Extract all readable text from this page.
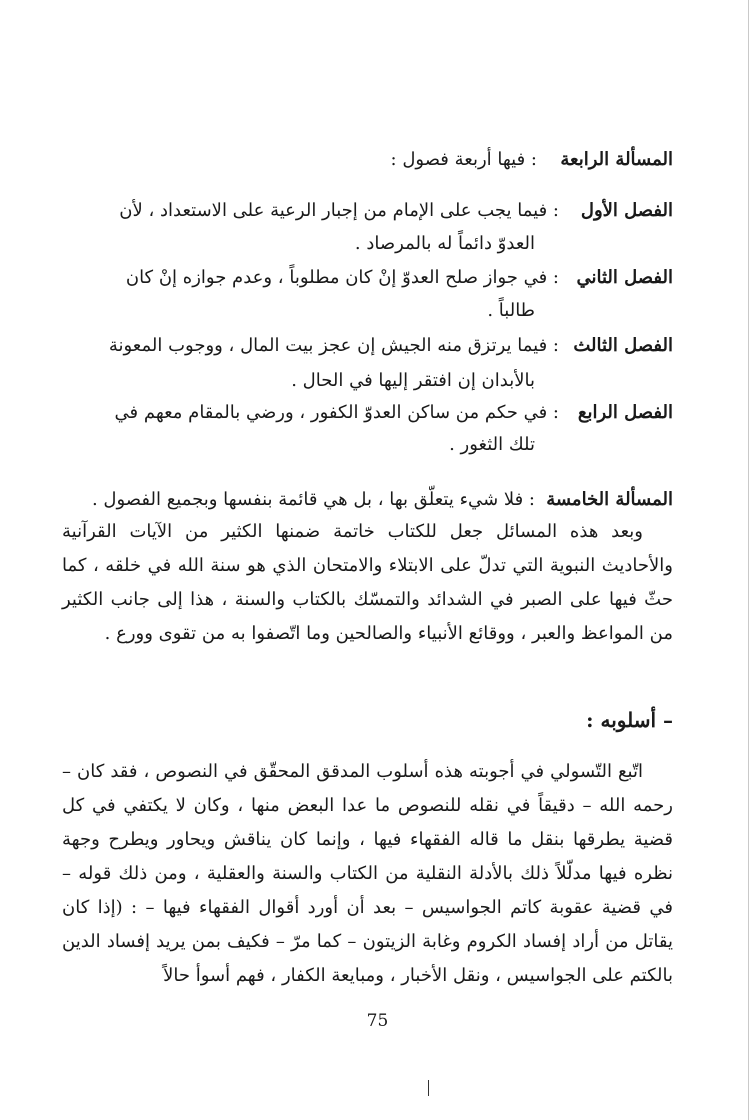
المسألة الرابعة
: فيها أربعة فصول :
الفصل الأول
: فيما يجب على الإمام من إجبار الرعية على الاستعداد ، لأن
العدوّ دائماً له بالمرصاد .
الفصل الثاني
: في جواز صلح العدوّ إنْ كان مطلوباً ، وعدم جوازه إنْ كان
طالباً .
الفصل الثالث
: فيما يرتزق منه الجيش إن عجز بيت المال ، ووجوب المعونة
بالأبدان إن افتقر إليها في الحال .
الفصل الرابع
: في حكم من ساكن العدوّ الكفور ، ورضي بالمقام معهم في
تلك الثغور .
المسألة الخامسة
: فلا شيء يتعلّق بها ، بل هي قائمة بنفسها وبجميع الفصول .
وبعد هذه المسائل جعل للكتاب خاتمة ضمنها الكثير من الآيات القرآنية والأحاديث النبوية التي تدلّ على الابتلاء والامتحان الذي هو سنة الله في خلقه ، كما حثّ فيها على الصبر في الشدائد والتمسّك بالكتاب والسنة ، هذا إلى جانب الكثير من المواعظ والعبر ، ووقائع الأنبياء والصالحين وما اتّصفوا به من تقوى وورع .
– أسلوبه :
اتّبع التّسولي في أجوبته هذه أسلوب المدقق المحقّق في النصوص ، فقد كان – رحمه الله – دقيقاً في نقله للنصوص ما عدا البعض منها ، وكان لا يكتفي في كل قضية يطرقها بنقل ما قاله الفقهاء فيها ، وإنما كان يناقش ويحاور ويطرح وجهة نظره فيها مدلّلاً ذلك بالأدلة النقلية من الكتاب والسنة والعقلية ، ومن ذلك قوله – في قضية عقوبة كاتم الجواسيس – بعد أن أورد أقوال الفقهاء فيها – : (إذا كان يقاتل من أراد إفساد الكروم وغابة الزيتون – كما مرّ – فكيف بمن يريد إفساد الدين بالكتم على الجواسيس ، ونقل الأخبار ، ومبايعة الكفار ، فهم أسوأ حالاً
75
